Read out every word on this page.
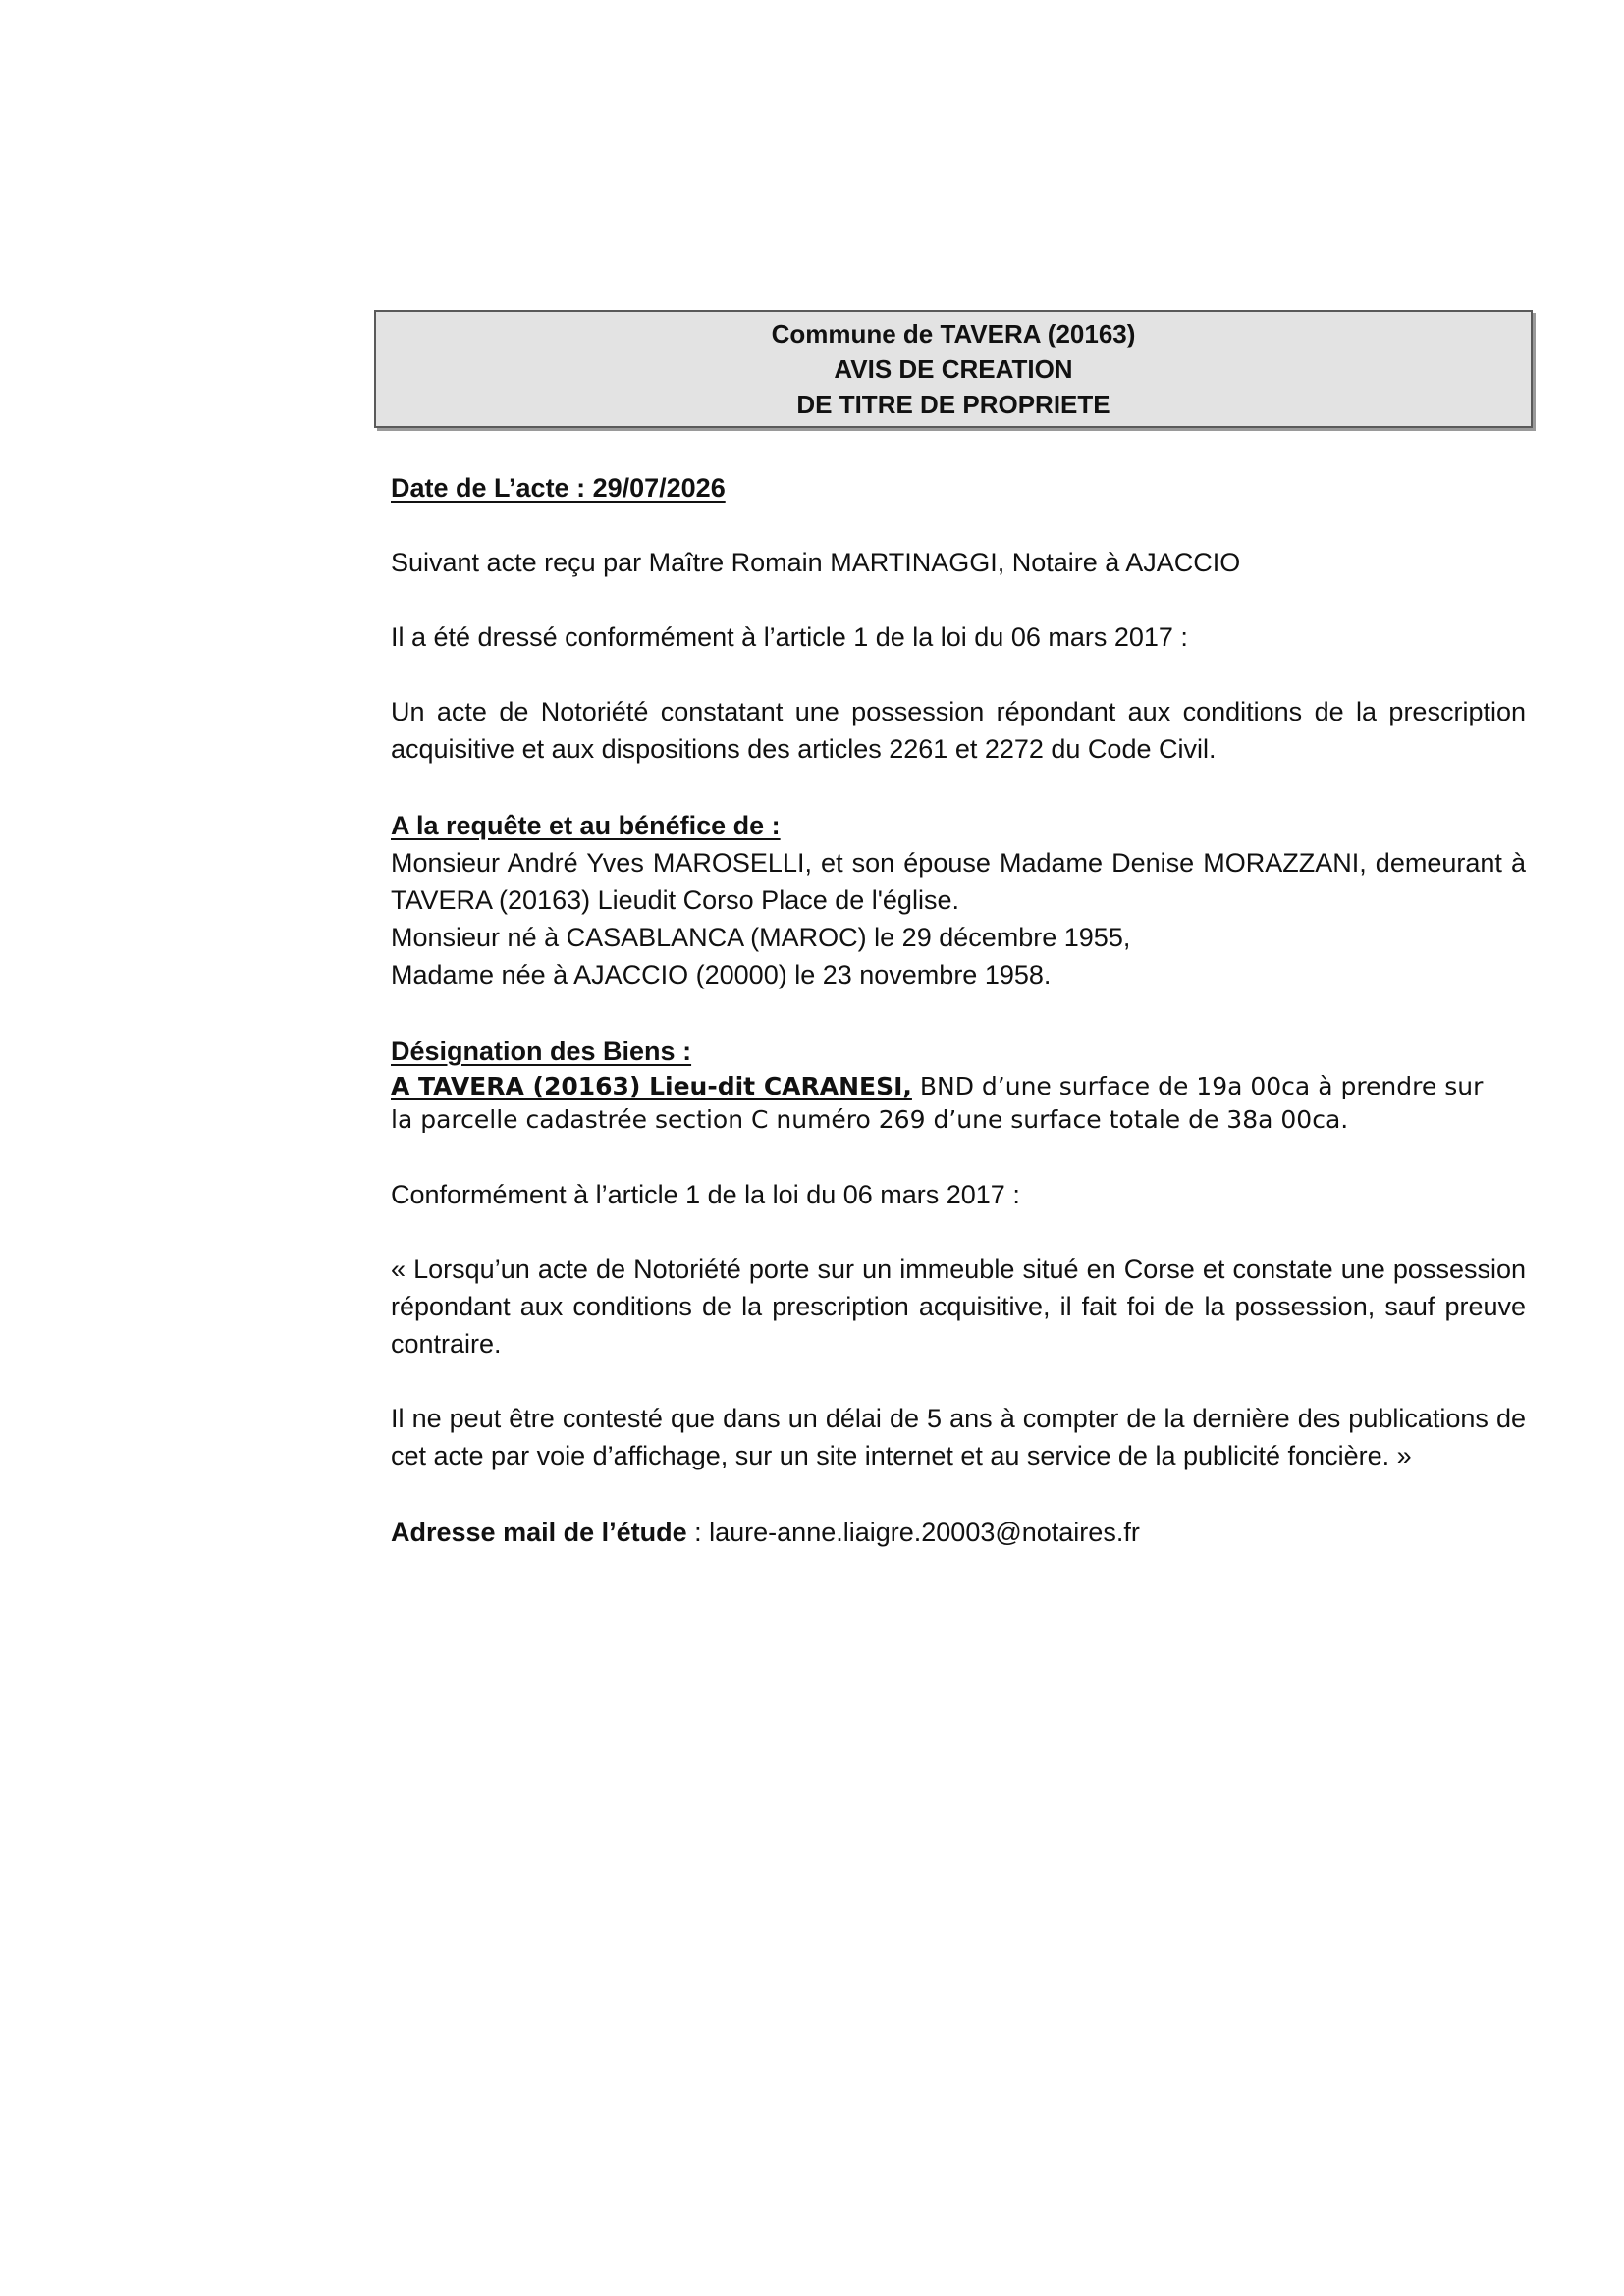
Commune de TAVERA (20163)
AVIS DE CREATION
DE TITRE DE PROPRIETE

Date de L’acte : 29/07/2026

Suivant acte reçu par Maître Romain MARTINAGGI, Notaire à AJACCIO

Il a été dressé conformément à l’article 1 de la loi du 06 mars 2017 :

Un acte de Notoriété constatant une possession répondant aux conditions de la prescription acquisitive et aux dispositions des articles 2261 et 2272 du Code Civil.

A la requête et au bénéfice de :

Monsieur André Yves MAROSELLI, et son épouse Madame Denise MORAZZANI, demeurant à TAVERA (20163) Lieudit Corso Place de l'église.

Monsieur né à CASABLANCA (MAROC) le 29 décembre 1955,

Madame née à AJACCIO (20000) le 23 novembre 1958.

Désignation des Biens :

A TAVERA (20163) Lieu-dit CARANESI, BND d’une surface de 19a 00ca à prendre sur

la parcelle cadastrée section C numéro 269 d’une surface totale de 38a 00ca.

Conformément à l’article 1 de la loi du 06 mars 2017 :

« Lorsqu’un acte de Notoriété porte sur un immeuble situé en Corse et constate une possession répondant aux conditions de la prescription acquisitive, il fait foi de la possession, sauf preuve contraire.

Il ne peut être contesté que dans un délai de 5 ans à compter de la dernière des publications de cet acte par voie d’affichage, sur un site internet et au service de la publicité foncière. »

Adresse mail de l’étude : laure-anne.liaigre.20003@notaires.fr
